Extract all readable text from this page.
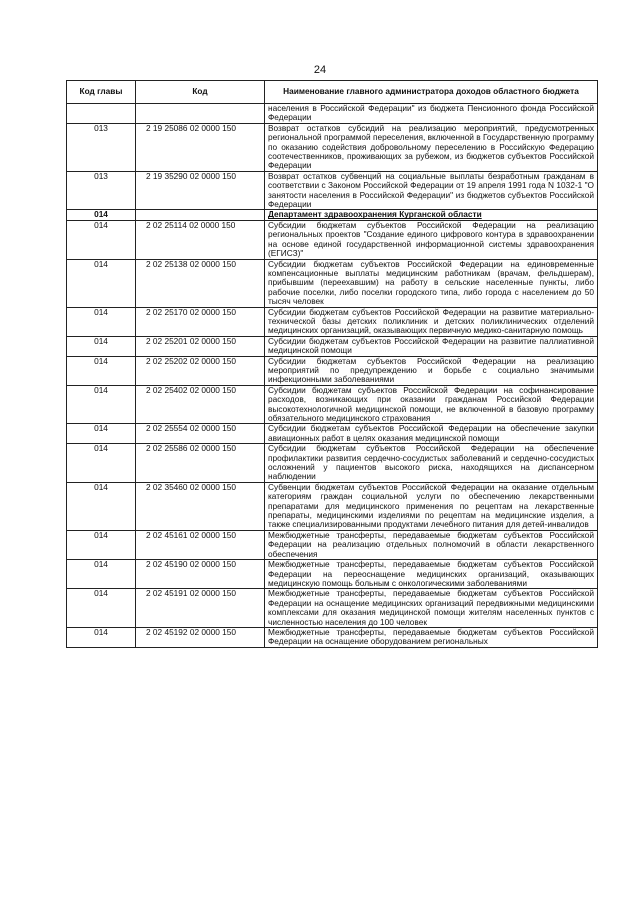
24
Код главы	Код	Наименование главного администратора доходов областного бюджета
		населения в Российской Федерации" из бюджета Пенсионного фонда Российской Федерации
013	2 19 25086 02 0000 150	Возврат остатков субсидий на реализацию мероприятий, предусмотренных региональной программой переселения, включенной в Государственную программу по оказанию содействия добровольному переселению в Российскую Федерацию соотечественников, проживающих за рубежом, из бюджетов субъектов Российской Федерации
013	2 19 35290 02 0000 150	Возврат остатков субвенций на социальные выплаты безработным гражданам в соответствии с Законом Российской Федерации от 19 апреля 1991 года N 1032-1 "О занятости населения в Российской Федерации" из бюджетов субъектов Российской Федерации
014		Департамент здравоохранения Курганской области
014	2 02 25114 02 0000 150	Субсидии бюджетам субъектов Российской Федерации на реализацию региональных проектов "Создание единого цифрового контура в здравоохранении на основе единой государственной информационной системы здравоохранения (ЕГИСЗ)"
014	2 02 25138 02 0000 150	Субсидии бюджетам субъектов Российской Федерации на единовременные компенсационные выплаты медицинским работникам (врачам, фельдшерам), прибывшим (переехавшим) на работу в сельские населенные пункты, либо рабочие поселки, либо поселки городского типа, либо города с населением до 50 тысяч человек
014	2 02 25170 02 0000 150	Субсидии бюджетам субъектов Российской Федерации на развитие материально-технической базы детских поликлиник и детских поликлинических отделений медицинских организаций, оказывающих первичную медико-санитарную помощь
014	2 02 25201 02 0000 150	Субсидии бюджетам субъектов Российской Федерации на развитие паллиативной медицинской помощи
014	2 02 25202 02 0000 150	Субсидии бюджетам субъектов Российской Федерации на реализацию мероприятий по предупреждению и борьбе с социально значимыми инфекционными заболеваниями
014	2 02 25402 02 0000 150	Субсидии бюджетам субъектов Российской Федерации на софинансирование расходов, возникающих при оказании гражданам Российской Федерации высокотехнологичной медицинской помощи, не включенной в базовую программу обязательного медицинского страхования
014	2 02 25554 02 0000 150	Субсидии бюджетам субъектов Российской Федерации на обеспечение закупки авиационных работ в целях оказания медицинской помощи
014	2 02 25586 02 0000 150	Субсидии бюджетам субъектов Российской Федерации на обеспечение профилактики развития сердечно-сосудистых заболеваний и сердечно-сосудистых осложнений у пациентов высокого риска, находящихся на диспансерном наблюдении
014	2 02 35460 02 0000 150	Субвенции бюджетам субъектов Российской Федерации на оказание отдельным категориям граждан социальной услуги по обеспечению лекарственными препаратами для медицинского применения по рецептам на лекарственные препараты, медицинскими изделиями по рецептам на медицинские изделия, а также специализированными продуктами лечебного питания для детей-инвалидов
014	2 02 45161 02 0000 150	Межбюджетные трансферты, передаваемые бюджетам субъектов Российской Федерации на реализацию отдельных полномочий в области лекарственного обеспечения
014	2 02 45190 02 0000 150	Межбюджетные трансферты, передаваемые бюджетам субъектов Российской Федерации на переоснащение медицинских организаций, оказывающих медицинскую помощь больным с онкологическими заболеваниями
014	2 02 45191 02 0000 150	Межбюджетные трансферты, передаваемые бюджетам субъектов Российской Федерации на оснащение медицинских организаций передвижными медицинскими комплексами для оказания медицинской помощи жителям населенных пунктов с численностью населения до 100 человек
014	2 02 45192 02 0000 150	Межбюджетные трансферты, передаваемые бюджетам субъектов Российской Федерации на оснащение оборудованием региональных
